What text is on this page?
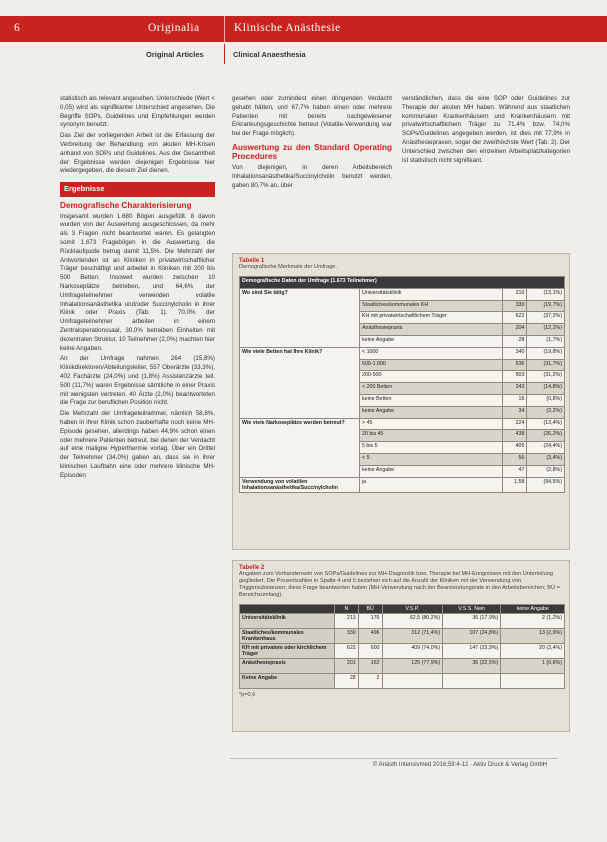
6	Originalia	Klinische Anästhesie
Original Articles	Clinical Anaesthesia

statistisch als relevant angesehen. Unterschiede (Wert < 0,05) wird als signifikanter Unterschied angesehen. Die Begriffe SOPs, Guidelines und Empfehlungen werden synonym benutzt.

Das Ziel der vorliegenden Arbeit ist die Erfassung der Verbreitung der Behandlung von akuten MH-Krisen anhand von SOPs und Guidelines. Aus der Gesamtheit der Ergebnisse werden diejenigen Ergebnisse hier wiedergegeben, die diesem Ziel dienen.

Ergebnisse
Demografische Charakterisierung

Insgesamt wurden 1.680 Bögen ausgefüllt. 8 davon wurden von der Auswertung ausgeschlossen, da mehr als 3 Fragen nicht beantwortet waren. Es gelangten somit 1.673 Fragebögen in die Auswertung, die Rücklaufquote betrug damit 11,5%. Die Mehrzahl der Antwortenden ist an Kliniken in privatwirtschaftlicher Träger beschäftigt und arbeitet in Kliniken mit 200 bis 500 Betten. Insoweit wurden zwischen 10 Narkoseplätze betrieben, und 64,6% der Umfrageteilnehmer verwenden volatile Inhalationsanästhetika und/oder Succinylcholin in ihrer Klinik oder Praxis (Tab. 1). 70,0% der Umfrageteilnehmer arbeiten in einem Zentraloperationssaal, 30,0% betreiben Einheiten mit dezentralen Struktur, 10 Teilnehmer (2,0%) machten hier keine Angaben.

An der Umfrage nahmen 264 (15,8%) Klinikdirektoren/Abteilungsleiter, 557 Oberärzte (33,3%), 402 Fachärzte (24,0%) und (1,8%) Assistenzärzte teil. 500 (11,7%) waren Ergebnisse sämtliche in einer Praxis mit wenigsten vertreten. 40 Ärzte (2,0%) beantworteten die Frage zur beruflichen Position nicht.

Die Mehrzahl der Umfrageteilnehmer, nämlich 58,8%, haben in ihrer Klinik schon zauberhafte noch keine MH-Episode gesehen, allerdings haben 44,9% schon einen oder mehrere Patienten betreut, bei denen der Verdacht auf eine maligne Hyperthermie vorlag. Über ein Drittel der Teilnehmer (34,0%) gaben an, dass sie in ihrer klinischen Laufbahn eine oder mehrere klinische MH-Episoden

gesehen oder zumindest einen dringenden Verdacht gehabt hätten, und 67,7% haben einen oder mehrere Patienten mit bereits nachgewiesener Erkrankungsgeschichte betreut (Volatile-Verwendung war bei der Frage möglich).

Auswertung zu den Standard Operating Procedures

Von diejenigen, in deren Arbeitsbereich Inhalationsanästhetika/Succinylcholin benutzt werden, gaben 80,7% an, über

verständlichen, dass die eine SOP oder Guidelines zur Therapie der akuten MH haben. Während aus staatlichen kommunalen Krankenhäusern und Krankenhäusern mit privatwirtschaftlichem Träger zu 71,4% bzw. 74,0% SOPs/Guidelines angegeben werden, ist dies mit 77,9% in Anästhesiepraxen, sogar der zweithöchste Wert (Tab. 2). Der Unterschied zwischen den einzelnen Arbeitsplatzkategorien ist statistisch nicht signifikant.

Tabelle 1
Demografische Merkmale der Umfrage.
Demografische Daten der Umfrage (1.673 Teilnehmer)			
Wo sind Sie tätig?	Universitätsklinik	210	(13,1%)
	Staatliches/kommunales KH	330	(19,7%)
	KH mit privatwirtschaftlichem Träger	622	(37,2%)
	Anästhesiepraxis	204	(12,2%)
	keine Angabe	28	(1,7%)
Wie viele Betten hat Ihre Klinik?	< 1000	340	(19,8%)
	500-1.000	536	(31,7%)
	200-500	503	(31,2%)
	< 200 Betten	243	(14,8%)
	keine Betten	16	(0,8%)
	keine Angabe	34	(2,2%)
Wie viele Narkoseplätze werden betreut?	> 45	224	(13,4%)
	20 bis 45	438	(26,2%)
	5 bis 5	405	(24,4%)
	< 5	56	(3,4%)
	keine Angabe	47	(2,8%)
Verwendung von volatilen Inhalationsanästhetika/Succinylcholin	ja	1.58	(94,5%)
Tabelle 2
Angaben zum Vorhandensein von SOPs/Guidelines zur MH-Diagnostik bzw. Therapie bei MH-Ereignissen mit den Unterteilung gegliedert. Die Prozentzahlen in Spalte 4 und 5 beziehen sich auf die Anzahl der Kliniken mit der Verwendung von Triggersubstanzen; diese Frage beantworten haben (MH-Verwendung nach der Beantwortungsrate in den Arbeitsbereichen; BÜ = Bereichsumfang).
	N	BÜ	V.S.P.	V.S.S. Nein	keine Angabe
Universitätsklinik	213	176	62,5 (80,2%)	36 (17,9%)	2 (1,2%)
Staatliches/kommunales Krankenhaus	330	496	312 (71,4%)	107 (24,8%)	13 (2,9%)
KH mit privatem oder kirchlichem Träger	622	600	409 (74,0%)	147 (23,9%)	20 (3,4%)
Anästhesiepraxis	201	162	125 (77,9%)	36 (22,5%)	1 (0,6%)
Keine Angabe	28	2			
*p=0,6
© Anästh Intensivmed 2016;59:4-12 · Aktiv Druck & Verlag GmbH
